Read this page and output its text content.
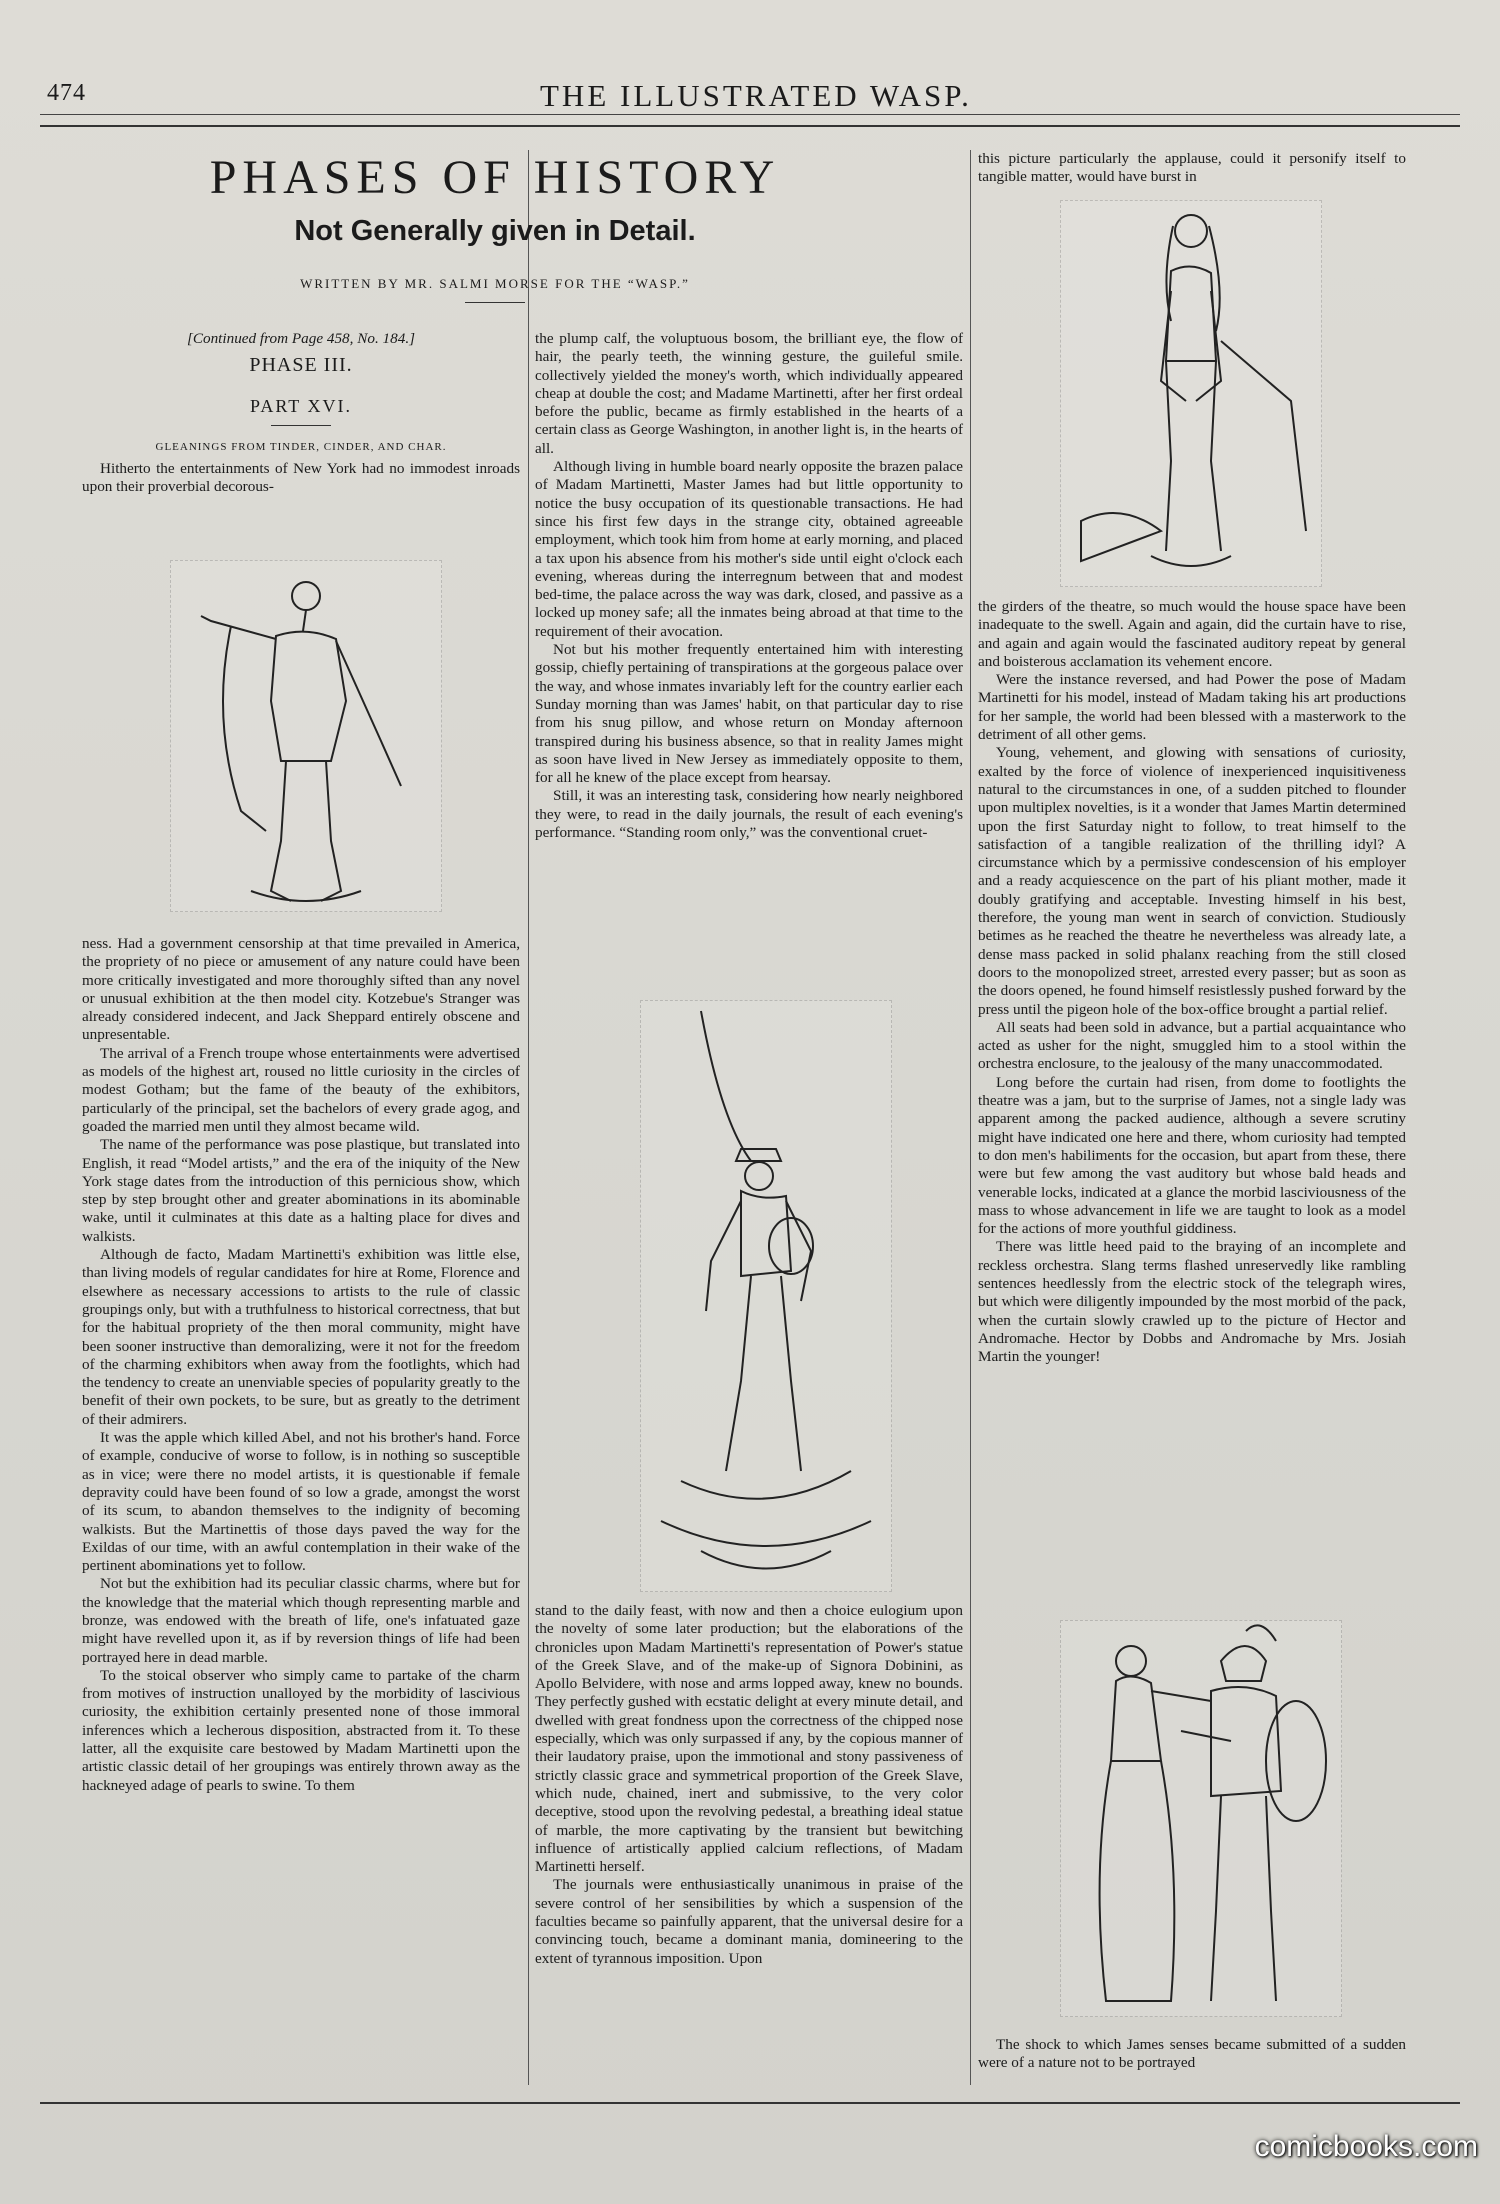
474	THE ILLUSTRATED WASP.
PHASES OF HISTORY
Not Generally given in Detail.
WRITTEN BY MR. SALMI MORSE FOR THE “WASP.”

[Continued from Page 458, No. 184.]

PHASE III.

PART XVI.

GLEANINGS FROM TINDER, CINDER, AND CHAR.

Hitherto the entertainments of New York had no immodest inroads upon their proverbial decorous-

ness. Had a government censorship at that time prevailed in America, the propriety of no piece or amusement of any nature could have been more critically investigated and more thoroughly sifted than any novel or unusual exhibition at the then model city. Kotzebue's Stranger was already considered indecent, and Jack Sheppard entirely obscene and unpresentable.

The arrival of a French troupe whose entertainments were advertised as models of the highest art, roused no little curiosity in the circles of modest Gotham; but the fame of the beauty of the exhibitors, particularly of the principal, set the bachelors of every grade agog, and goaded the married men until they almost became wild.

The name of the performance was pose plastique, but translated into English, it read “Model artists,” and the era of the iniquity of the New York stage dates from the introduction of this pernicious show, which step by step brought other and greater abominations in its abominable wake, until it culminates at this date as a halting place for dives and walkists.

Although de facto, Madam Martinetti's exhibition was little else, than living models of regular candidates for hire at Rome, Florence and elsewhere as necessary accessions to artists to the rule of classic groupings only, but with a truthfulness to historical correctness, that but for the habitual propriety of the then moral community, might have been sooner instructive than demoralizing, were it not for the freedom of the charming exhibitors when away from the footlights, which had the tendency to create an unenviable species of popularity greatly to the benefit of their own pockets, to be sure, but as greatly to the detriment of their admirers.

It was the apple which killed Abel, and not his brother's hand. Force of example, conducive of worse to follow, is in nothing so susceptible as in vice; were there no model artists, it is questionable if female depravity could have been found of so low a grade, amongst the worst of its scum, to abandon themselves to the indignity of becoming walkists. But the Martinettis of those days paved the way for the Exildas of our time, with an awful contemplation in their wake of the pertinent abominations yet to follow.

Not but the exhibition had its peculiar classic charms, where but for the knowledge that the material which though representing marble and bronze, was endowed with the breath of life, one's infatuated gaze might have revelled upon it, as if by reversion things of life had been portrayed here in dead marble.

To the stoical observer who simply came to partake of the charm from motives of instruction unalloyed by the morbidity of lascivious curiosity, the exhibition certainly presented none of those immoral inferences which a lecherous disposition, abstracted from it. To these latter, all the exquisite care bestowed by Madam Martinetti upon the artistic classic detail of her groupings was entirely thrown away as the hackneyed adage of pearls to swine. To them

the plump calf, the voluptuous bosom, the brilliant eye, the flow of hair, the pearly teeth, the winning gesture, the guileful smile. collectively yielded the money's worth, which individually appeared cheap at double the cost; and Madame Martinetti, after her first ordeal before the public, became as firmly established in the hearts of a certain class as George Washington, in another light is, in the hearts of all.

Although living in humble board nearly opposite the brazen palace of Madam Martinetti, Master James had but little opportunity to notice the busy occupation of its questionable transactions. He had since his first few days in the strange city, obtained agreeable employment, which took him from home at early morning, and placed a tax upon his absence from his mother's side until eight o'clock each evening, whereas during the interregnum between that and modest bed-time, the palace across the way was dark, closed, and passive as a locked up money safe; all the inmates being abroad at that time to the requirement of their avocation.

Not but his mother frequently entertained him with interesting gossip, chiefly pertaining of transpirations at the gorgeous palace over the way, and whose inmates invariably left for the country earlier each Sunday morning than was James' habit, on that particular day to rise from his snug pillow, and whose return on Monday afternoon transpired during his business absence, so that in reality James might as soon have lived in New Jersey as immediately opposite to them, for all he knew of the place except from hearsay.

Still, it was an interesting task, considering how nearly neighbored they were, to read in the daily journals, the result of each evening's performance. “Standing room only,” was the conventional cruet-

stand to the daily feast, with now and then a choice eulogium upon the novelty of some later production; but the elaborations of the chronicles upon Madam Martinetti's representation of Power's statue of the Greek Slave, and of the make-up of Signora Dobinini, as Apollo Belvidere, with nose and arms lopped away, knew no bounds. They perfectly gushed with ecstatic delight at every minute detail, and dwelled with great fondness upon the correctness of the chipped nose especially, which was only surpassed if any, by the copious manner of their laudatory praise, upon the immotional and stony passiveness of strictly classic grace and symmetrical proportion of the Greek Slave, which nude, chained, inert and submissive, to the very color deceptive, stood upon the revolving pedestal, a breathing ideal statue of marble, the more captivating by the transient but bewitching influence of artistically applied calcium reflections, of Madam Martinetti herself.

The journals were enthusiastically unanimous in praise of the severe control of her sensibilities by which a suspension of the faculties became so painfully apparent, that the universal desire for a convincing touch, became a dominant mania, domineering to the extent of tyrannous imposition. Upon

this picture particularly the applause, could it personify itself to tangible matter, would have burst in

the girders of the theatre, so much would the house space have been inadequate to the swell. Again and again, did the curtain have to rise, and again and again would the fascinated auditory repeat by general and boisterous acclamation its vehement encore.

Were the instance reversed, and had Power the pose of Madam Martinetti for his model, instead of Madam taking his art productions for her sample, the world had been blessed with a masterwork to the detriment of all other gems.

Young, vehement, and glowing with sensations of curiosity, exalted by the force of violence of inexperienced inquisitiveness natural to the circumstances in one, of a sudden pitched to flounder upon multiplex novelties, is it a wonder that James Martin determined upon the first Saturday night to follow, to treat himself to the satisfaction of a tangible realization of the thrilling idyl? A circumstance which by a permissive condescension of his employer and a ready acquiescence on the part of his pliant mother, made it doubly gratifying and acceptable. Investing himself in his best, therefore, the young man went in search of conviction. Studiously betimes as he reached the theatre he nevertheless was already late, a dense mass packed in solid phalanx reaching from the still closed doors to the monopolized street, arrested every passer; but as soon as the doors opened, he found himself resistlessly pushed forward by the press until the pigeon hole of the box-office brought a partial relief.

All seats had been sold in advance, but a partial acquaintance who acted as usher for the night, smuggled him to a stool within the orchestra enclosure, to the jealousy of the many unaccommodated.

Long before the curtain had risen, from dome to footlights the theatre was a jam, but to the surprise of James, not a single lady was apparent among the packed audience, although a severe scrutiny might have indicated one here and there, whom curiosity had tempted to don men's habiliments for the occasion, but apart from these, there were but few among the vast auditory but whose bald heads and venerable locks, indicated at a glance the morbid lasciviousness of the mass to whose advancement in life we are taught to look as a model for the actions of more youthful giddiness.

There was little heed paid to the braying of an incomplete and reckless orchestra. Slang terms flashed unreservedly like rambling sentences heedlessly from the electric stock of the telegraph wires, but which were diligently impounded by the most morbid of the pack, when the curtain slowly crawled up to the picture of Hector and Andromache. Hector by Dobbs and Andromache by Mrs. Josiah Martin the younger!

The shock to which James senses became submitted of a sudden were of a nature not to be portrayed

comicbooks.com
